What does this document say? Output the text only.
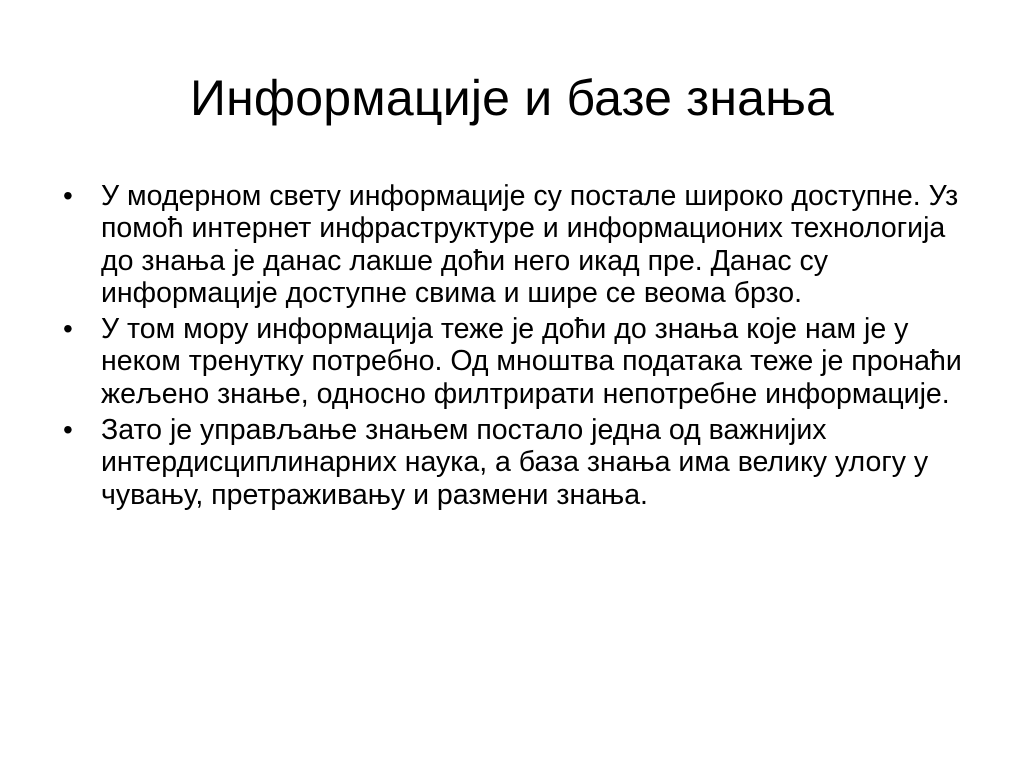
Информације и базе знања
• У модерном свету информације су постале широко доступне. Уз помоћ интернет инфраструктуре и информационих технологија до знања је данас лакше доћи него икад пре. Данас су информације доступне свима и шире се веома брзо.
• У том мору информација теже је доћи до знања које нам је у неком тренутку потребно. Од мноштва података теже је пронаћи жељено знање, односно филтрирати непотребне информације.
• Зато је управљање знањем постало једна од важнијих интердисциплинарних наука, а база знања има велику улогу у чувању, претраживању и размени знања.
